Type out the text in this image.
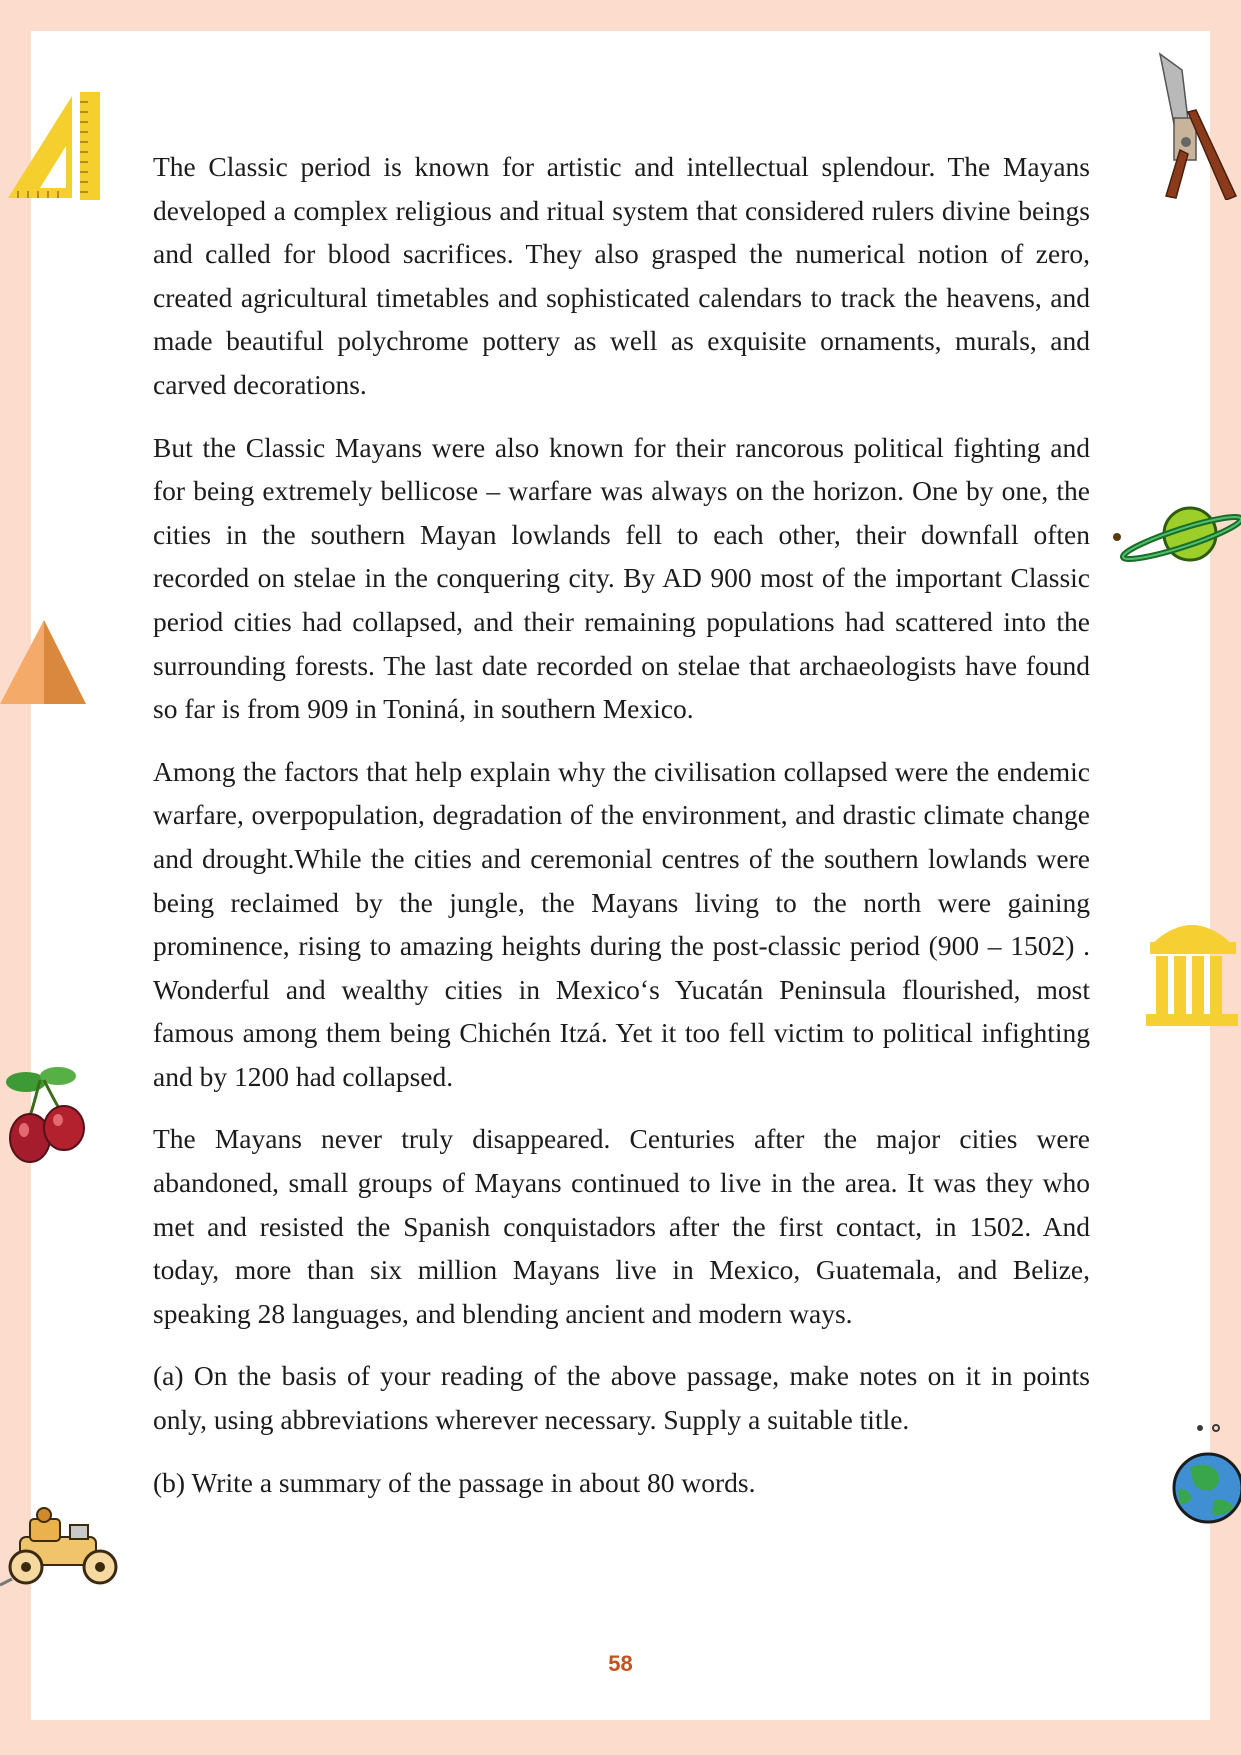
The Classic period is known for artistic and intellectual splendour. The Mayans developed a complex religious and ritual system that considered rulers divine beings and called for blood sacrifices. They also grasped the numerical notion of zero, created agricultural timetables and sophisticated calendars to track the heavens, and made beautiful polychrome pottery as well as exquisite ornaments, murals, and carved decorations.

But the Classic Mayans were also known for their rancorous political fighting and for being extremely bellicose – warfare was always on the horizon. One by one, the cities in the southern Mayan lowlands fell to each other, their downfall often recorded on stelae in the conquering city. By AD 900 most of the important Classic period cities had collapsed, and their remaining populations had scattered into the surrounding forests. The last date recorded on stelae that archaeologists have found so far is from 909 in Toniná, in southern Mexico.

Among the factors that help explain why the civilisation collapsed were the endemic warfare, overpopulation, degradation of the environment, and drastic climate change and drought.While the cities and ceremonial centres of the southern lowlands were being reclaimed by the jungle, the Mayans living to the north were gaining prominence, rising to amazing heights during the post-classic period (900 – 1502) . Wonderful and wealthy cities in Mexico‘s Yucatán Peninsula flourished, most famous among them being Chichén Itzá. Yet it too fell victim to political infighting and by 1200 had collapsed.

The Mayans never truly disappeared. Centuries after the major cities were abandoned, small groups of Mayans continued to live in the area. It was they who met and resisted the Spanish conquistadors after the first contact, in 1502. And today, more than six million Mayans live in Mexico, Guatemala, and Belize, speaking 28 languages, and blending ancient and modern ways.

(a) On the basis of your reading of the above passage, make notes on it in points only, using abbreviations wherever necessary. Supply a suitable title.

(b) Write a summary of the passage in about 80 words.

58
